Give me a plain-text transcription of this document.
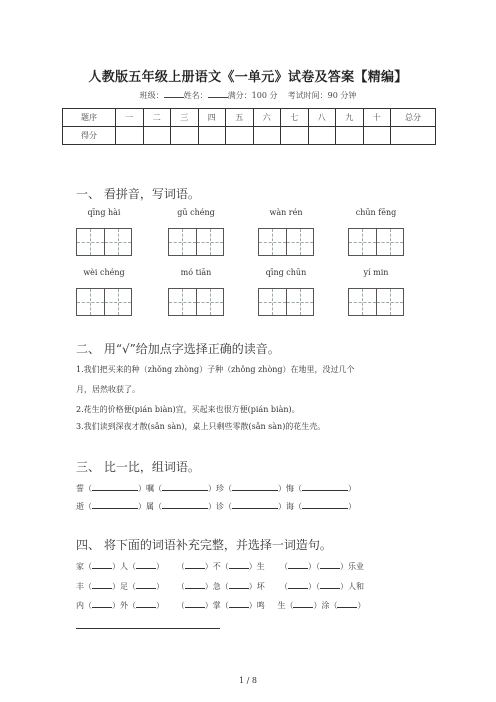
人教版五年级上册语文《一单元》试卷及答案【精编】
班级：	姓名：	满分：100 分 考试时间：90 分钟
题序	一	二	三	四	五	六	七	八	九	十	总分
得分											
一、 看拼音，写词语。
qīng hài	gū chéng	wàn rén	chūn fēng
wèi chéng	mó tiān	qīng chūn	yí min
二、 用“√”给加点字选择正确的读音。
1.我们把买来的种（zhǒng zhòng）子种（zhǒng zhòng）在地里，没过几个
月，居然收获了。
2.花生的价格便(pián biàn)宜，买起来也很方便(pián biàn)。
3.我们读到深夜才散(sǎn sàn)，桌上只剩些零散(sǎn sàn)的花生壳。
三、 比一比，组词语。
誓（	）嘱（	）珍（	）悔（	）
逝（	）属（	）诊（	）诲（	）
四、 将下面的词语补充完整，并选择一词造句。
家（	）人（	）     （	）不（	）生      （	）（	）乐业
丰（	）足（	）     （	）急（	）坏      （	）（	）人和
内（	）外（	）     （	）掌（	）鸣 生（	）涂（	）
1 / 8
